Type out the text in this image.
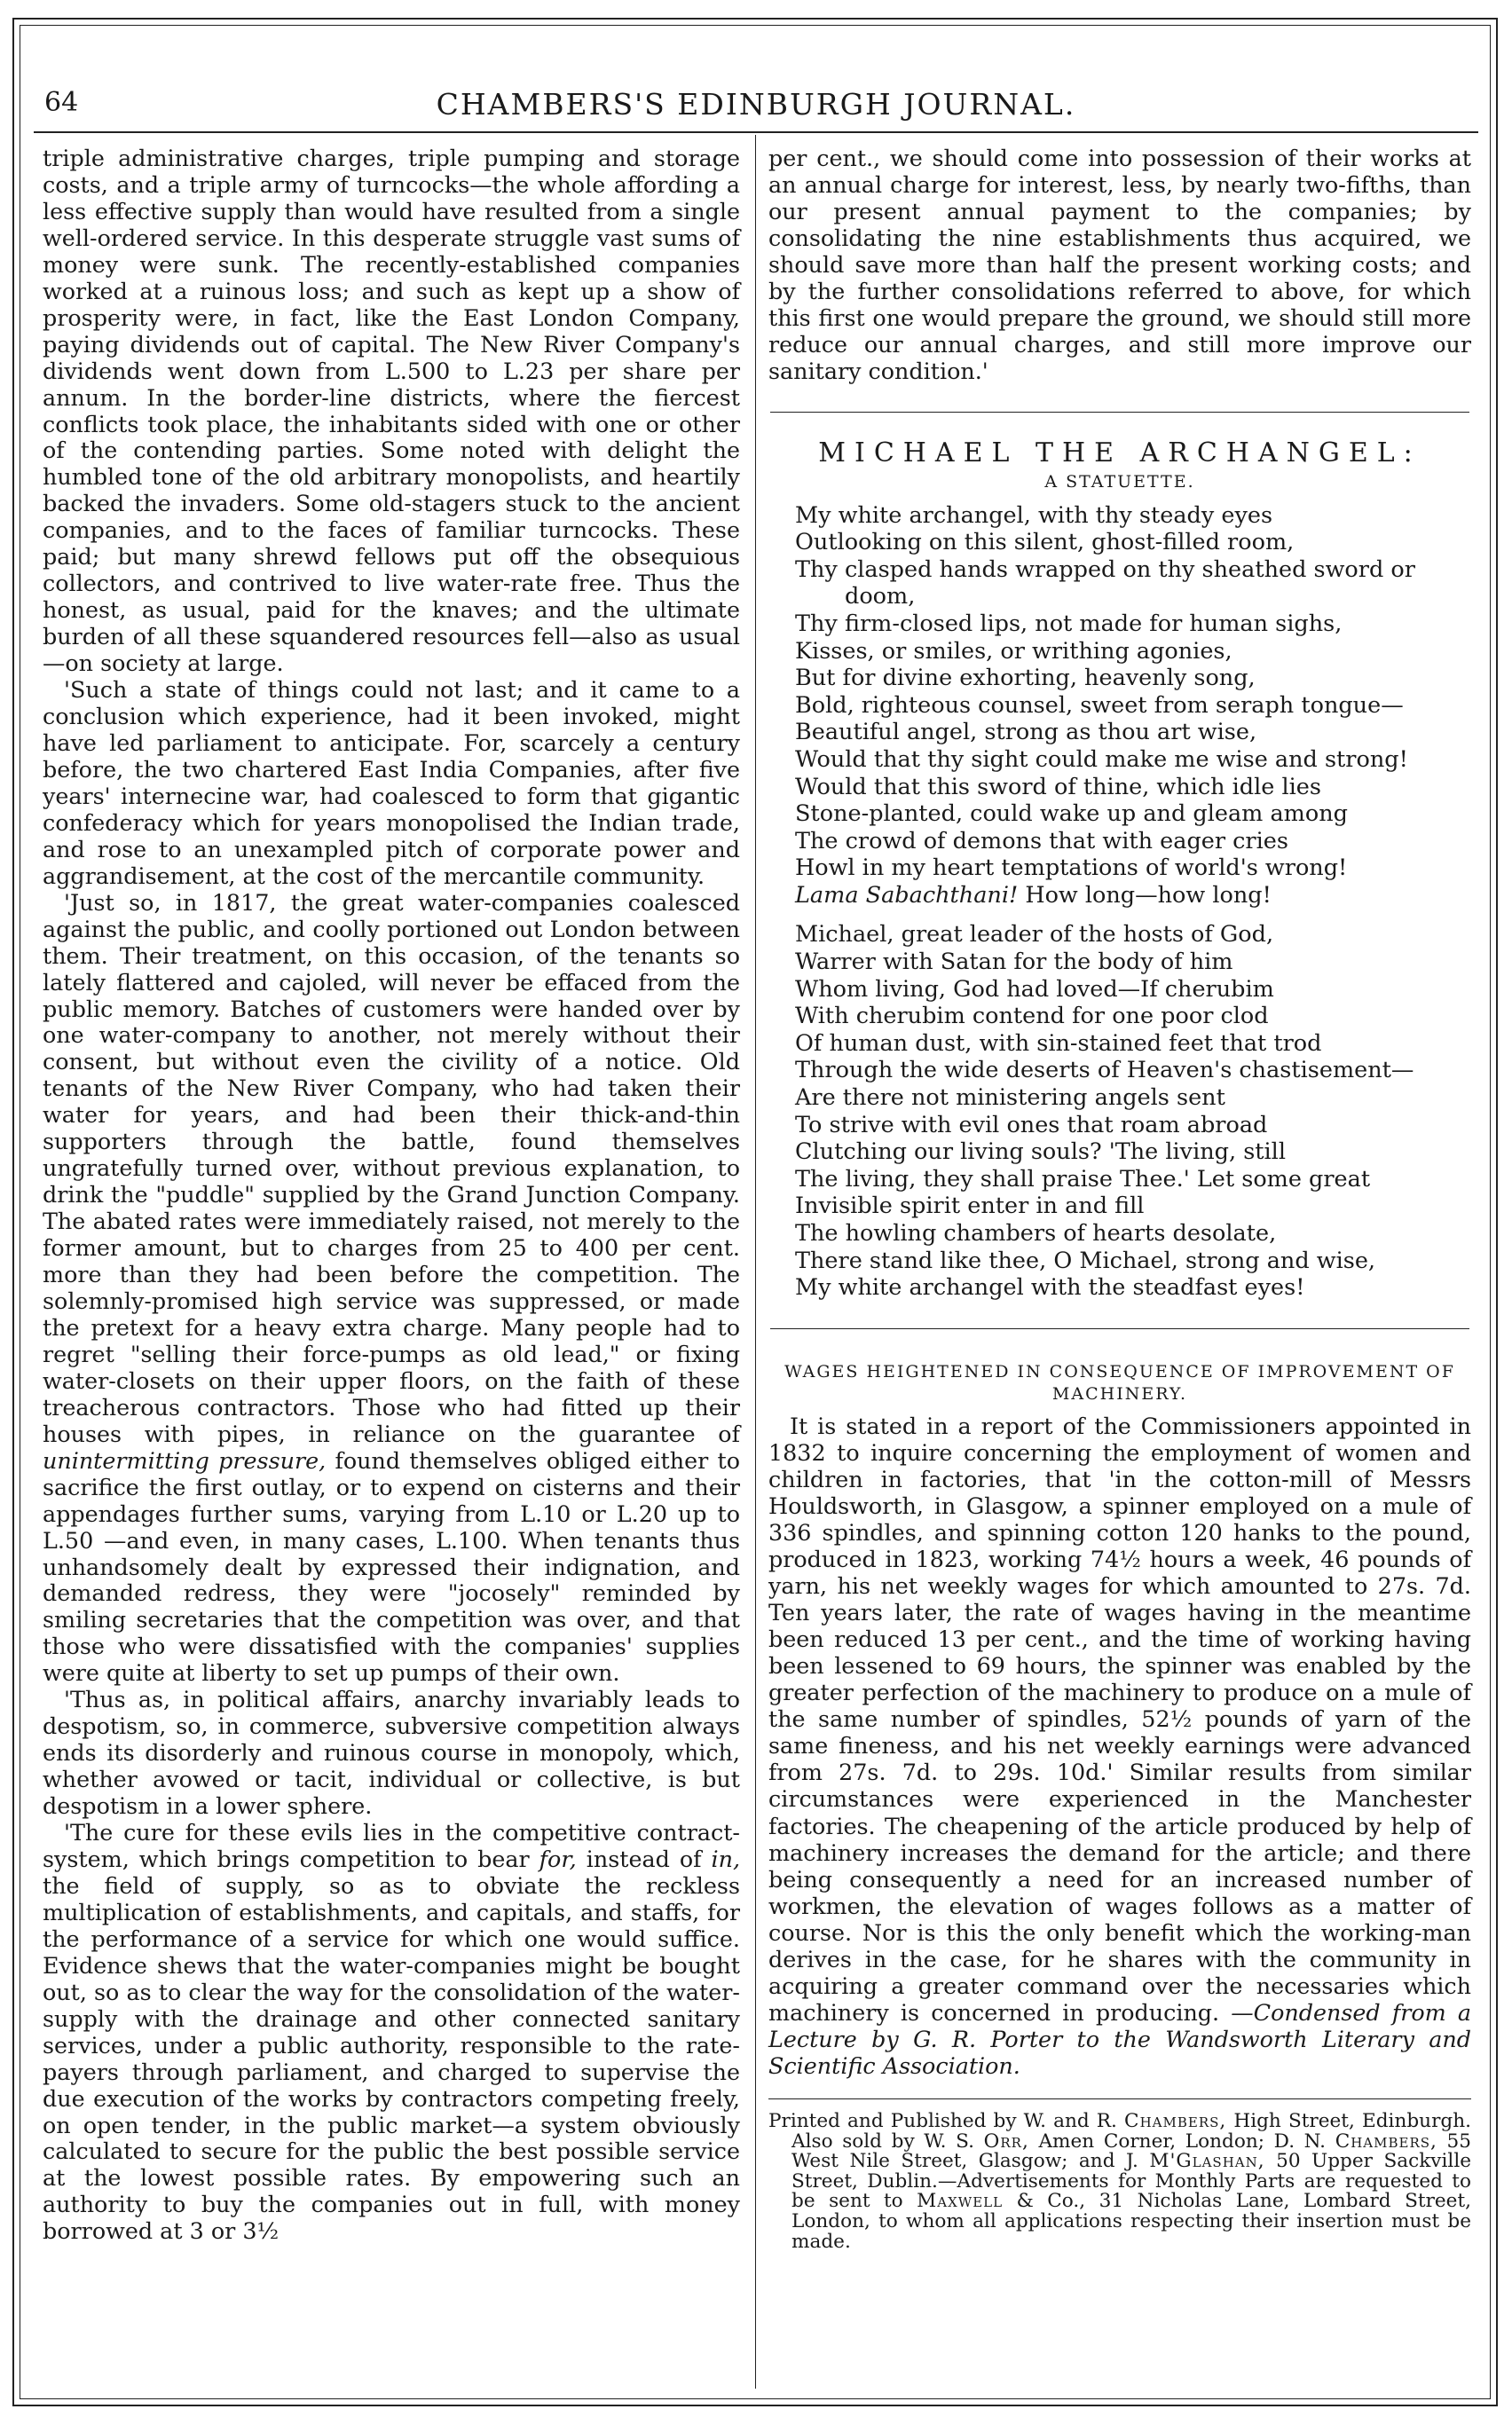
64	CHAMBERS'S EDINBURGH JOURNAL.

triple administrative charges, triple pumping and storage costs, and a triple army of turncocks—the whole affording a less effective supply than would have resulted from a single well-ordered service. In this desperate struggle vast sums of money were sunk. The recently-established companies worked at a ruinous loss; and such as kept up a show of prosperity were, in fact, like the East London Company, paying dividends out of capital. The New River Company's dividends went down from L.500 to L.23 per share per annum. In the border-line districts, where the fiercest conflicts took place, the inhabitants sided with one or other of the contending parties. Some noted with delight the humbled tone of the old arbitrary monopolists, and heartily backed the invaders. Some old-stagers stuck to the ancient companies, and to the faces of familiar turncocks. These paid; but many shrewd fellows put off the obsequious collectors, and contrived to live water-rate free. Thus the honest, as usual, paid for the knaves; and the ultimate burden of all these squandered resources fell—also as usual—on society at large.

'Such a state of things could not last; and it came to a conclusion which experience, had it been invoked, might have led parliament to anticipate. For, scarcely a century before, the two chartered East India Companies, after five years' internecine war, had coalesced to form that gigantic confederacy which for years monopolised the Indian trade, and rose to an unexampled pitch of corporate power and aggrandisement, at the cost of the mercantile community.

'Just so, in 1817, the great water-companies coalesced against the public, and coolly portioned out London between them. Their treatment, on this occasion, of the tenants so lately flattered and cajoled, will never be effaced from the public memory. Batches of customers were handed over by one water-company to another, not merely without their consent, but without even the civility of a notice. Old tenants of the New River Company, who had taken their water for years, and had been their thick-and-thin supporters through the battle, found themselves ungratefully turned over, without previous explanation, to drink the "puddle" supplied by the Grand Junction Company. The abated rates were immediately raised, not merely to the former amount, but to charges from 25 to 400 per cent. more than they had been before the competition. The solemnly-promised high service was suppressed, or made the pretext for a heavy extra charge. Many people had to regret "selling their force-pumps as old lead," or fixing water-closets on their upper floors, on the faith of these treacherous contractors. Those who had fitted up their houses with pipes, in reliance on the guarantee of unintermitting pressure, found themselves obliged either to sacrifice the first outlay, or to expend on cisterns and their appendages further sums, varying from L.10 or L.20 up to L.50 —and even, in many cases, L.100. When tenants thus unhandsomely dealt by expressed their indignation, and demanded redress, they were "jocosely" reminded by smiling secretaries that the competition was over, and that those who were dissatisfied with the companies' supplies were quite at liberty to set up pumps of their own.

'Thus as, in political affairs, anarchy invariably leads to despotism, so, in commerce, subversive competition always ends its disorderly and ruinous course in monopoly, which, whether avowed or tacit, individual or collective, is but despotism in a lower sphere.

'The cure for these evils lies in the competitive contract-system, which brings competition to bear for, instead of in, the field of supply, so as to obviate the reckless multiplication of establishments, and capitals, and staffs, for the performance of a service for which one would suffice. Evidence shews that the water-companies might be bought out, so as to clear the way for the consolidation of the water-supply with the drainage and other connected sanitary services, under a public authority, responsible to the rate-payers through parliament, and charged to supervise the due execution of the works by contractors competing freely, on open tender, in the public market—a system obviously calculated to secure for the public the best possible service at the lowest possible rates. By empowering such an authority to buy the companies out in full, with money borrowed at 3 or 3½

per cent., we should come into possession of their works at an annual charge for interest, less, by nearly two-fifths, than our present annual payment to the companies; by consolidating the nine establishments thus acquired, we should save more than half the present working costs; and by the further consolidations referred to above, for which this first one would prepare the ground, we should still more reduce our annual charges, and still more improve our sanitary condition.'

MICHAEL THE ARCHANGEL:
A STATUETTE.
My white archangel, with thy steady eyes
Outlooking on this silent, ghost-filled room,
Thy clasped hands wrapped on thy sheathed sword or
doom,
Thy firm-closed lips, not made for human sighs,
Kisses, or smiles, or writhing agonies,
But for divine exhorting, heavenly song,
Bold, righteous counsel, sweet from seraph tongue—
Beautiful angel, strong as thou art wise,
Would that thy sight could make me wise and strong!
Would that this sword of thine, which idle lies
Stone-planted, could wake up and gleam among
The crowd of demons that with eager cries
Howl in my heart temptations of world's wrong!
Lama Sabachthani! How long—how long!
Michael, great leader of the hosts of God,
Warrer with Satan for the body of him
Whom living, God had loved—If cherubim
With cherubim contend for one poor clod
Of human dust, with sin-stained feet that trod
Through the wide deserts of Heaven's chastisement—
Are there not ministering angels sent
To strive with evil ones that roam abroad
Clutching our living souls? 'The living, still
The living, they shall praise Thee.' Let some great
Invisible spirit enter in and fill
The howling chambers of hearts desolate,
There stand like thee, O Michael, strong and wise,
My white archangel with the steadfast eyes!
WAGES HEIGHTENED IN CONSEQUENCE OF IMPROVEMENT OF MACHINERY.

It is stated in a report of the Commissioners appointed in 1832 to inquire concerning the employment of women and children in factories, that 'in the cotton-mill of Messrs Houldsworth, in Glasgow, a spinner employed on a mule of 336 spindles, and spinning cotton 120 hanks to the pound, produced in 1823, working 74½ hours a week, 46 pounds of yarn, his net weekly wages for which amounted to 27s. 7d. Ten years later, the rate of wages having in the meantime been reduced 13 per cent., and the time of working having been lessened to 69 hours, the spinner was enabled by the greater perfection of the machinery to produce on a mule of the same number of spindles, 52½ pounds of yarn of the same fineness, and his net weekly earnings were advanced from 27s. 7d. to 29s. 10d.' Similar results from similar circumstances were experienced in the Manchester factories. The cheapening of the article produced by help of machinery increases the demand for the article; and there being consequently a need for an increased number of workmen, the elevation of wages follows as a matter of course. Nor is this the only benefit which the working-man derives in the case, for he shares with the community in acquiring a greater command over the necessaries which machinery is concerned in producing. —Condensed from a Lecture by G. R. Porter to the Wandsworth Literary and Scientific Association.

Printed and Published by W. and R. Chambers, High Street, Edinburgh. Also sold by W. S. Orr, Amen Corner, London; D. N. Chambers, 55 West Nile Street, Glasgow; and J. M'Glashan, 50 Upper Sackville Street, Dublin.—Advertisements for Monthly Parts are requested to be sent to Maxwell & Co., 31 Nicholas Lane, Lombard Street, London, to whom all applications respecting their insertion must be made.
